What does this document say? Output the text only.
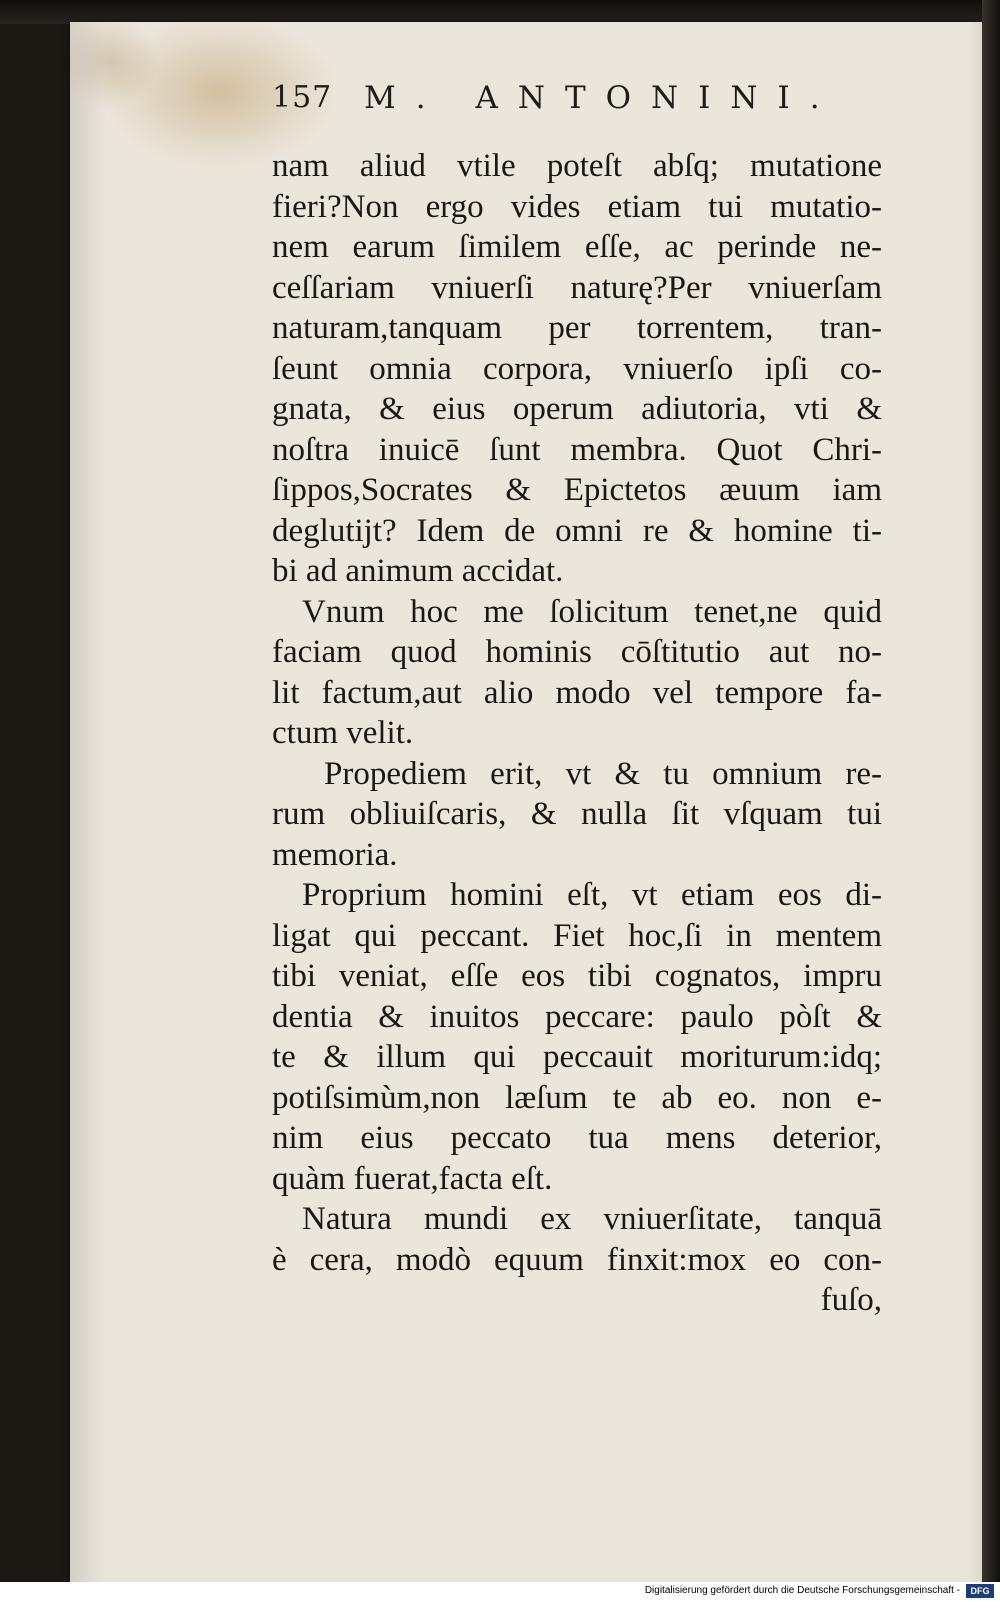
157 M. ANTONINI.
nam aliud vtile poteſt abſq; mutatione
fieri?Non ergo vides etiam tui mutatio-
nem earum ſimilem eſſe, ac perinde ne-
ceſſariam vniuerſi naturę?Per vniuerſam
naturam,tanquam per torrentem, tran-
ſeunt omnia corpora, vniuerſo ipſi co-
gnata, & eius operum adiutoria, vti &
noſtra inuicē ſunt membra. Quot Chri-
ſippos,Socrates & Epictetos æuum iam
deglutijt? Idem de omni re & homine ti-
bi ad animum accidat.
Vnum hoc me ſolicitum tenet,ne quid
faciam quod hominis cōſtitutio aut no-
lit factum,aut alio modo vel tempore fa-
ctum velit.
Propediem erit, vt & tu omnium re-
rum obliuiſcaris, & nulla ſit vſquam tui
memoria.
Proprium homini eſt, vt etiam eos di-
ligat qui peccant. Fiet hoc,ſi in mentem
tibi veniat, eſſe eos tibi cognatos, impru
dentia & inuitos peccare: paulo pòſt &
te & illum qui peccauit moriturum:idq;
potiſsimùm,non læſum te ab eo. non e-
nim eius peccato tua mens deterior,
quàm fuerat,facta eſt.
Natura mundi ex vniuerſitate, tanquā
è cera, modò equum finxit:mox eo con-
fuſo,
Digitalisierung gefördert durch die Deutsche Forschungsgemeinschaft -	DFG
